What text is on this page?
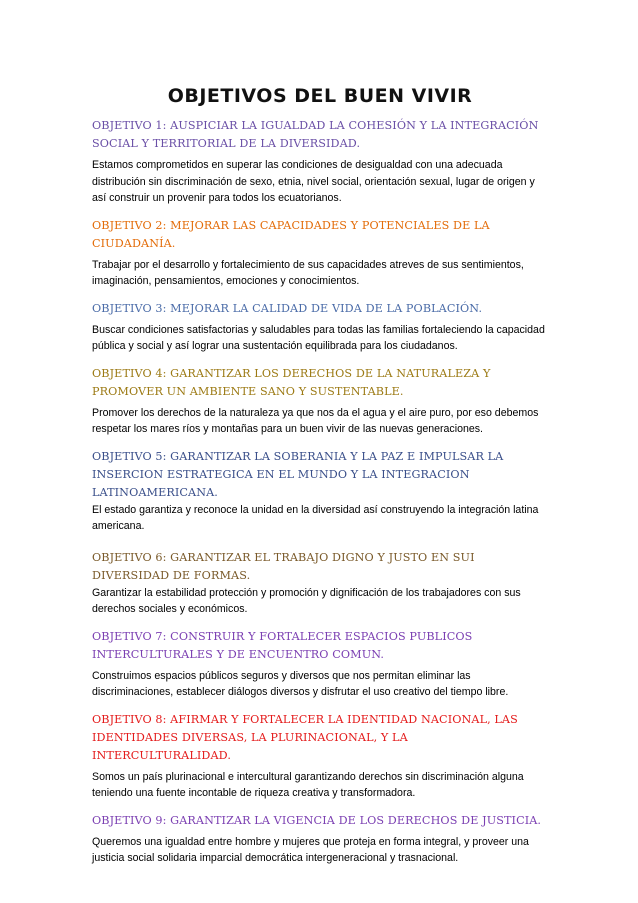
OBJETIVOS DEL BUEN VIVIR

OBJETIVO 1: AUSPICIAR LA IGUALDAD LA COHESIÓN Y LA INTEGRACIÓN SOCIAL Y TERRITORIAL DE LA DIVERSIDAD.

Estamos comprometidos en superar las condiciones de desigualdad con una adecuada distribución sin discriminación de sexo, etnia, nivel social, orientación sexual, lugar de origen y así construir un provenir para todos los ecuatorianos.

OBJETIVO 2: MEJORAR LAS CAPACIDADES Y POTENCIALES DE LA CIUDADANÍA.

Trabajar por el desarrollo y fortalecimiento de sus capacidades atreves de sus sentimientos, imaginación, pensamientos, emociones y conocimientos.

OBJETIVO 3: MEJORAR LA CALIDAD DE VIDA DE LA POBLACIÓN.

Buscar condiciones satisfactorias y saludables para todas las familias fortaleciendo la capacidad pública y social y así lograr una sustentación equilibrada para los ciudadanos.

OBJETIVO 4: GARANTIZAR LOS DERECHOS DE LA NATURALEZA Y PROMOVER UN AMBIENTE SANO Y SUSTENTABLE.

Promover los derechos de la naturaleza ya que nos da el agua y el aire puro, por eso debemos respetar los mares ríos y montañas para un buen vivir de las nuevas generaciones.

OBJETIVO 5: GARANTIZAR LA SOBERANIA Y LA PAZ E IMPULSAR LA INSERCION ESTRATEGICA EN EL MUNDO Y LA INTEGRACION LATINOAMERICANA.

El estado garantiza y reconoce la unidad en la diversidad así construyendo la integración latina americana.

OBJETIVO 6: GARANTIZAR EL TRABAJO DIGNO Y JUSTO EN SUI DIVERSIDAD DE FORMAS.

Garantizar la estabilidad protección y promoción y dignificación de los trabajadores con sus derechos sociales y económicos.

OBJETIVO 7: CONSTRUIR Y FORTALECER ESPACIOS PUBLICOS INTERCULTURALES Y DE ENCUENTRO COMUN.

Construimos espacios públicos seguros y diversos que nos permitan eliminar las discriminaciones, establecer diálogos diversos y disfrutar el uso creativo del tiempo libre.

OBJETIVO 8: AFIRMAR Y FORTALECER LA IDENTIDAD NACIONAL, LAS IDENTIDADES DIVERSAS, LA PLURINACIONAL, Y LA INTERCULTURALIDAD.

Somos un país plurinacional e intercultural garantizando derechos sin discriminación alguna teniendo una fuente incontable de riqueza creativa y transformadora.

OBJETIVO 9: GARANTIZAR LA VIGENCIA DE LOS DERECHOS DE JUSTICIA.

Queremos una igualdad entre hombre y mujeres que proteja en forma integral, y proveer una justicia social solidaria imparcial democrática intergeneracional y trasnacional.
